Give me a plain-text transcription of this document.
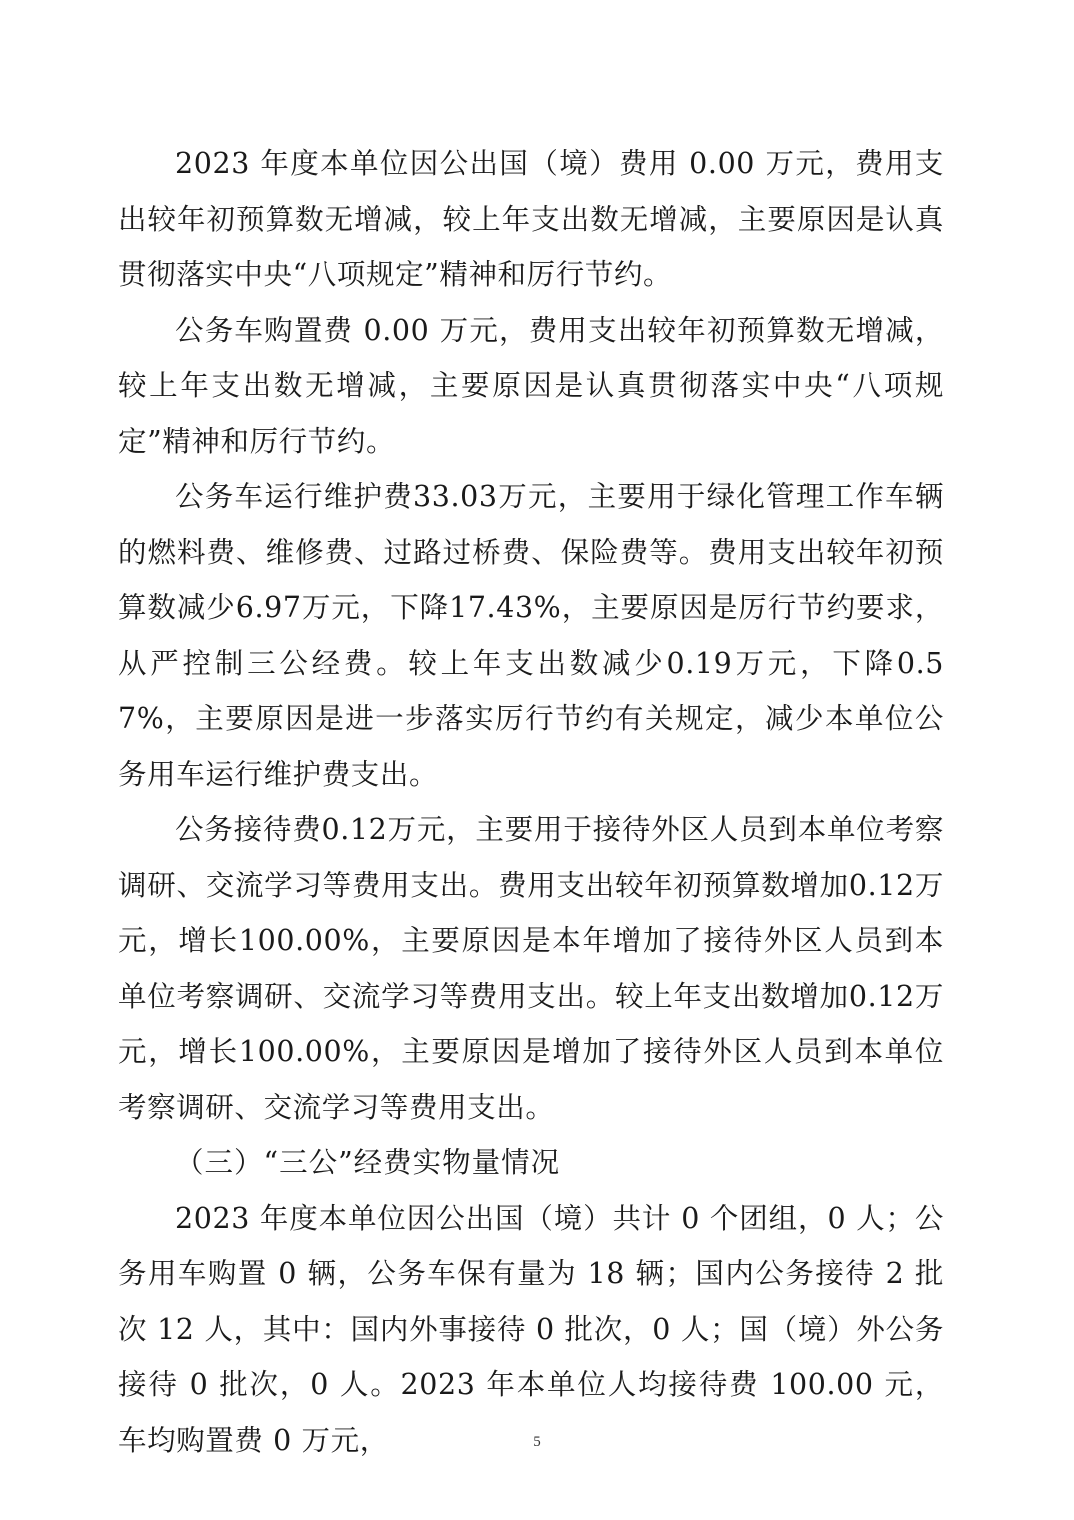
2023 年度本单位因公出国（境）费用 0.00 万元，费用支出较年初预算数无增减，较上年支出数无增减，主要原因是认真贯彻落实中央“八项规定”精神和厉行节约。

公务车购置费 0.00 万元，费用支出较年初预算数无增减，较上年支出数无增减，主要原因是认真贯彻落实中央“八项规定”精神和厉行节约。

公务车运行维护费33.03万元，主要用于绿化管理工作车辆的燃料费、维修费、过路过桥费、保险费等。费用支出较年初预算数减少6.97万元，下降17.43%，主要原因是厉行节约要求，从严控制三公经费。较上年支出数减少0.19万元，下降0.57%，主要原因是进一步落实厉行节约有关规定，减少本单位公务用车运行维护费支出。

公务接待费0.12万元，主要用于接待外区人员到本单位考察调研、交流学习等费用支出。费用支出较年初预算数增加0.12万元，增长100.00%，主要原因是本年增加了接待外区人员到本单位考察调研、交流学习等费用支出。较上年支出数增加0.12万元，增长100.00%，主要原因是增加了接待外区人员到本单位考察调研、交流学习等费用支出。

（三）“三公”经费实物量情况

2023 年度本单位因公出国（境）共计 0 个团组，0 人；公务用车购置 0 辆，公务车保有量为 18 辆；国内公务接待 2 批次 12 人，其中：国内外事接待 0 批次，0 人；国（境）外公务接待 0 批次，0 人。2023 年本单位人均接待费 100.00 元，车均购置费 0 万元，	5
